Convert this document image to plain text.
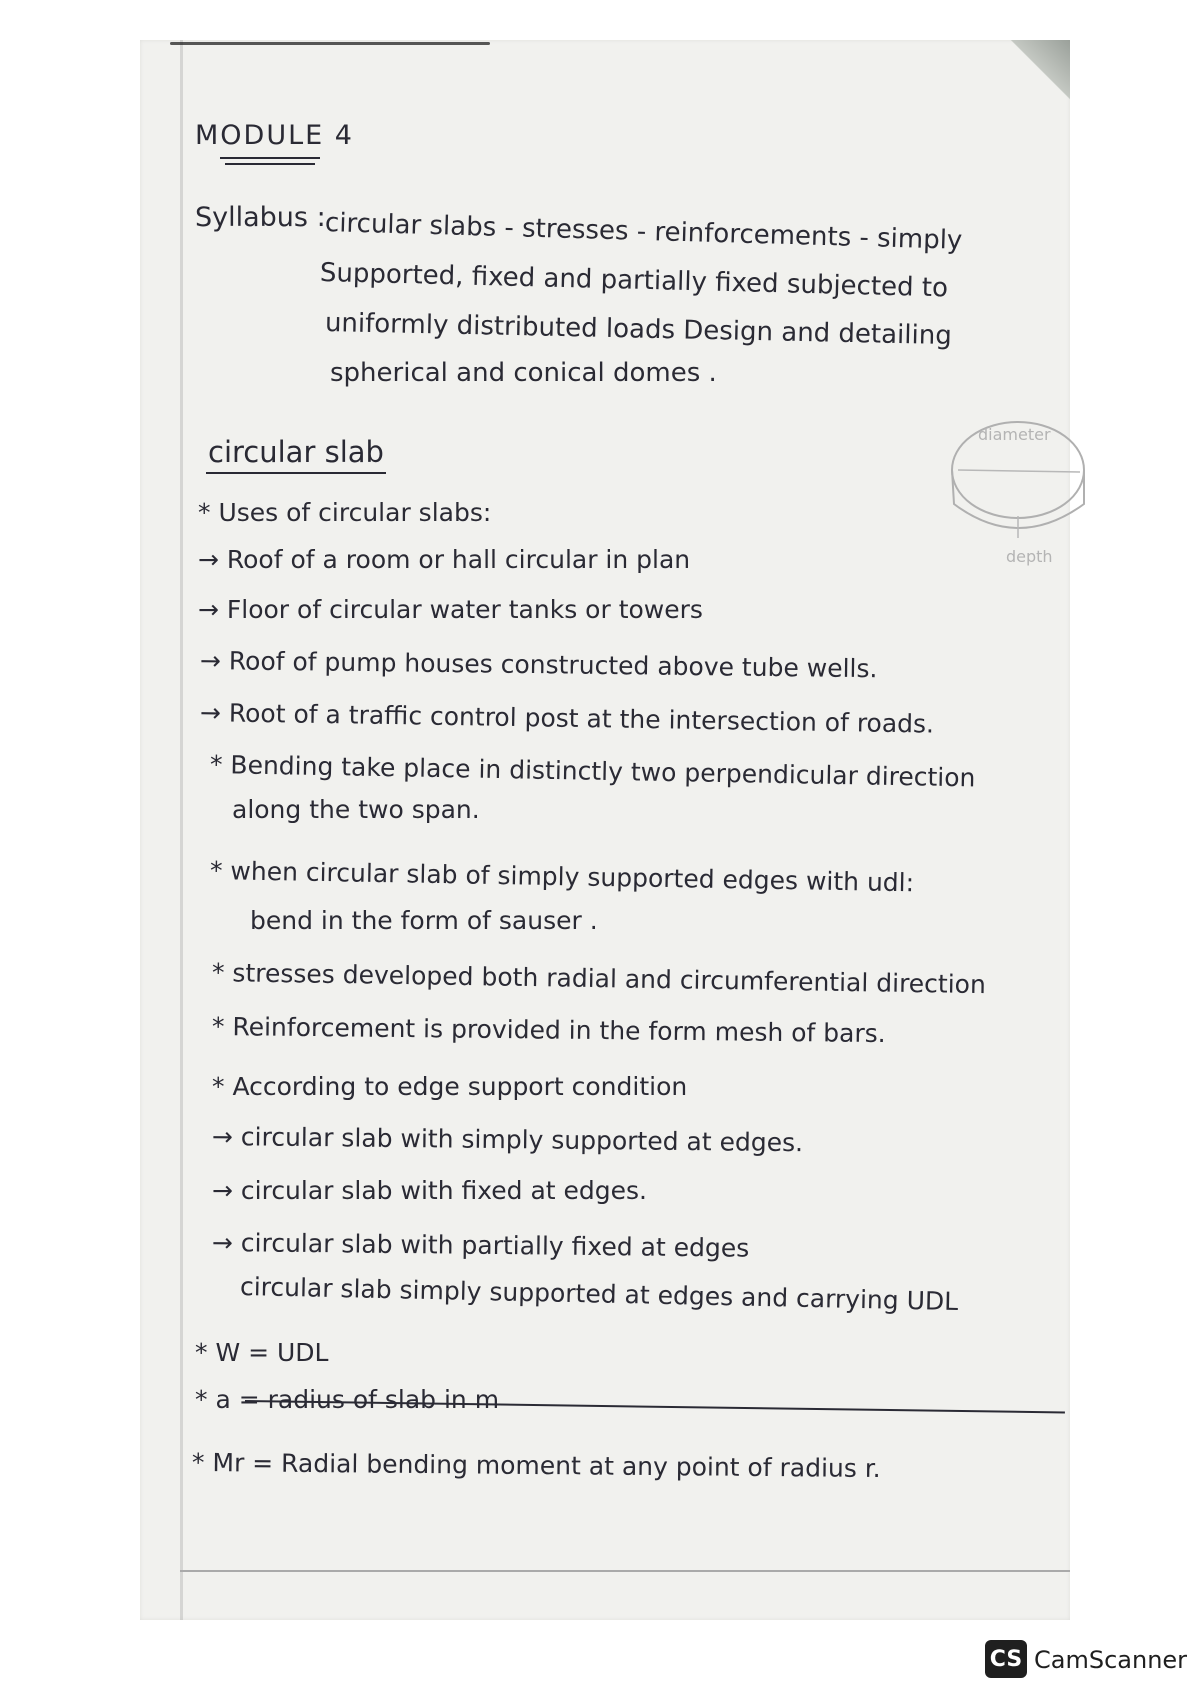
MODULE 4
Syllabus :
circular slabs - stresses - reinforcements - simply
Supported, fixed and partially fixed subjected to
uniformly distributed loads Design and detailing
spherical and conical domes .
circular slab
diameter
depth
* Uses of circular slabs:
→ Roof of a room or hall circular in plan
→ Floor of circular water tanks or towers
→ Roof of pump houses constructed above tube wells.
→ Root of a traffic control post at the intersection of roads.
* Bending take place in distinctly two perpendicular direction
along the two span.
* when circular slab of simply supported edges with udl:
bend in the form of sauser .
* stresses developed both radial and circumferential direction
* Reinforcement is provided in the form mesh of bars.
* According to edge support condition
→ circular slab with simply supported at edges.
→ circular slab with fixed at edges.
→ circular slab with partially fixed at edges
circular slab simply supported at edges and carrying UDL
* W = UDL
* a = radius of slab in m
* Mr = Radial bending moment at any point of radius r.
CS CamScanner
